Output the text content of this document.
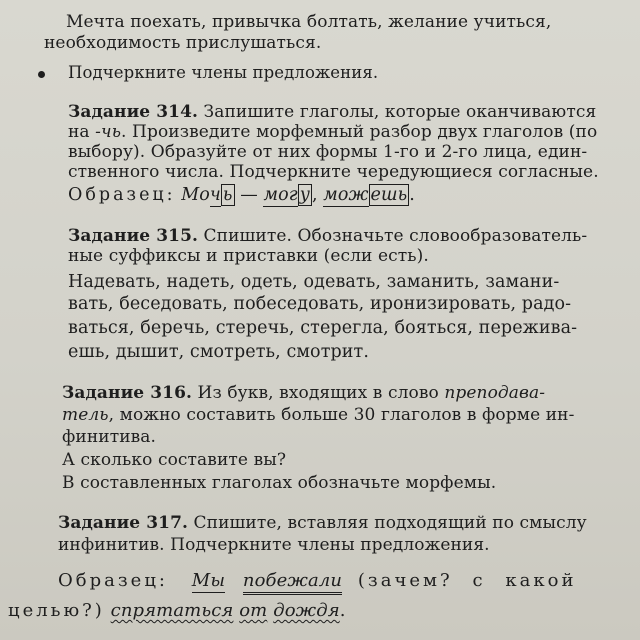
Мечта поехать, привычка болтать, желание учиться,
необходимость прислушаться.
Подчеркните члены предложения.
Задание 314. Запишите глаголы, которые оканчиваются
на -чь. Произведите морфемный разбор двух глаголов (по
выбору). Образуйте от них формы 1-го и 2-го лица, един-
ственного числа. Подчеркните чередующиеся согласные.
Образец: Моч ь — мог у , мож ешь .
Задание 315. Спишите. Обозначьте словообразователь-
ные суффиксы и приставки (если есть).
Надевать, надеть, одеть, одевать, заманить, замани-
вать, беседовать, побеседовать, иронизировать, радо-
ваться, беречь, стеречь, стерегла, бояться, пережива-
ешь, дышит, смотреть, смотрит.
Задание 316. Из букв, входящих в слово преподава-
тель, можно составить больше 30 глаголов в форме ин-
финитива.
А сколько составите вы?
В составленных глаголах обозначьте морфемы.
Задание 317. Спишите, вставляя подходящий по смыслу
инфинитив. Подчеркните члены предложения.
Образец: Мы побежали (зачем? с какой
целью?) спрятаться от дождя.
